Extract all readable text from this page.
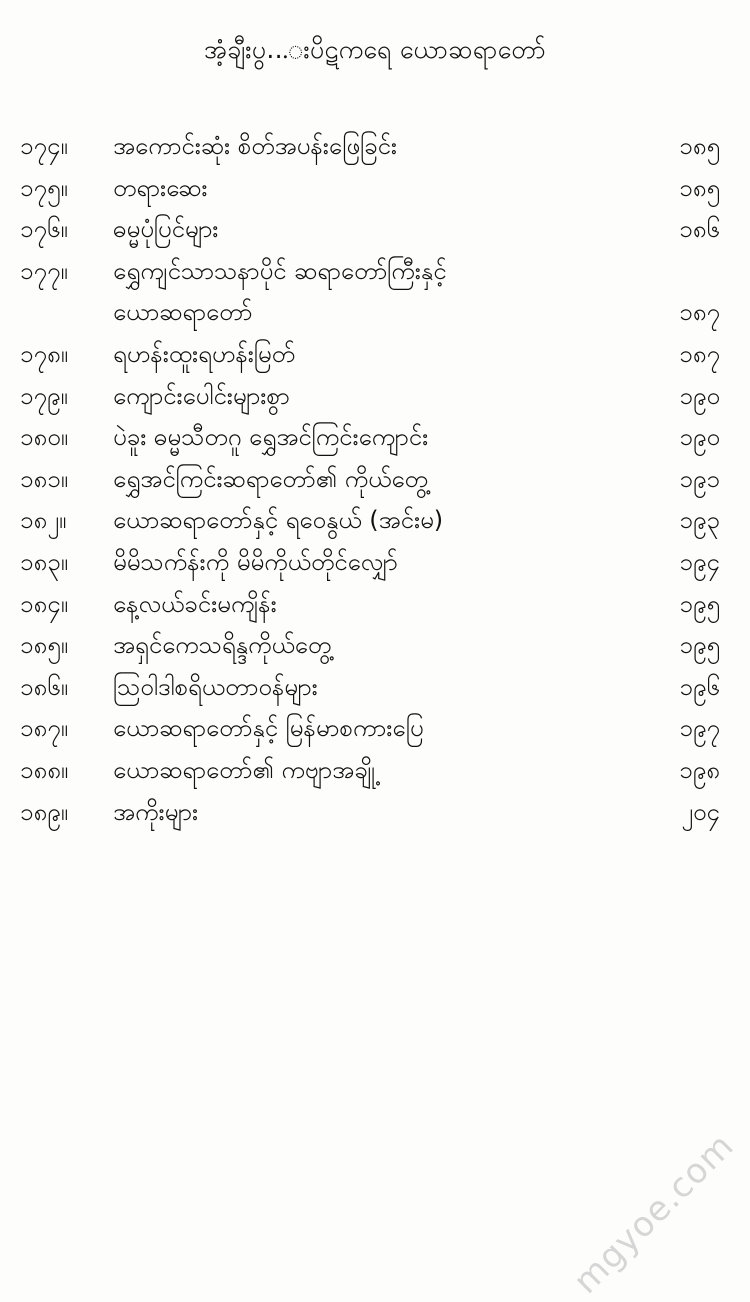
အံ့ချီးပွ...းပိဋကရေ ယောဆရာတော်
၁၇၄။ အကောင်းဆုံး စိတ်အပန်းဖြေခြင်း	၁၈၅
၁၇၅။ တရားဆေး	၁၈၅
၁၇၆။ ဓမ္မပုံပြင်များ	၁၈၆
၁၇၇။ ရွှေကျင်သာသနာပိုင် ဆရာတော်ကြီးနှင့်
ယောဆရာတော်	၁၈၇
၁၇၈။ ရဟန်းထူးရဟန်းမြတ်	၁၈၇
၁၇၉။ ကျောင်းပေါင်းများစွာ	၁၉၀
၁၈၀။ ပဲခူး ဓမ္မသီတဂူ ရွှေအင်ကြင်းကျောင်း	၁၉၀
၁၈၁။ ရွှေအင်ကြင်းဆရာတော်၏ ကိုယ်တွေ့	၁၉၁
၁၈၂။ ယောဆရာတော်နှင့် ရဝေနွယ် (အင်းမ)	၁၉၃
၁၈၃။ မိမိသက်န်းကို မိမိကိုယ်တိုင်လျှော်	၁၉၄
၁၈၄။ နေ့လယ်ခင်းမကျိန်း	၁၉၅
၁၈၅။ အရှင်ကေသရိန္ဒကိုယ်တွေ့	၁၉၅
၁၈၆။ ဩဝါဒါစရိယတာဝန်များ	၁၉၆
၁၈၇။ ယောဆရာတော်နှင့် မြန်မာစကားပြေ	၁၉၇
၁၈၈။ ယောဆရာတော်၏ ကဗျာအချို့	၁၉၈
၁၈၉။ အကိုးများ	၂၀၄
mgyoe.com
